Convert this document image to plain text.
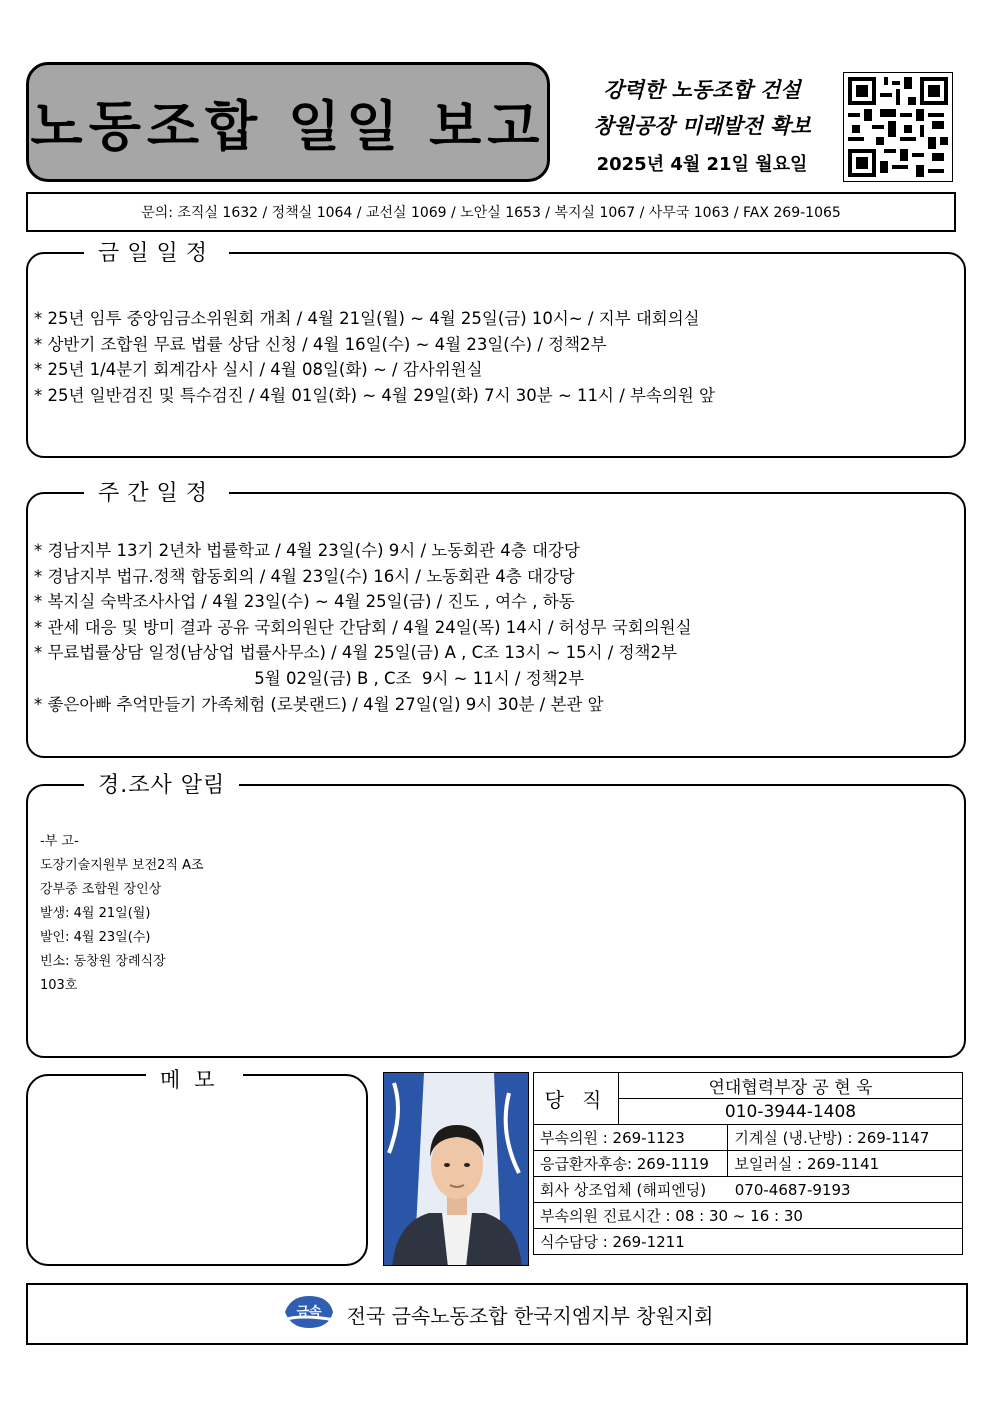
노동조합 일일 보고
강력한 노동조합 건설
창원공장 미래발전 확보
2025년 4월 21일 월요일
문의: 조직실 1632 / 정책실 1064 / 교선실 1069 / 노안실 1653 / 복지실 1067 / 사무국 1063 / FAX 269-1065
금일일정
* 25년 임투 중앙임금소위원회 개최 / 4월 21일(월) ~ 4월 25일(금) 10시~ / 지부 대회의실
* 상반기 조합원 무료 법률 상담 신청 / 4월 16일(수) ~ 4월 23일(수) / 정책2부
* 25년 1/4분기 회계감사 실시 / 4월 08일(화) ~ / 감사위원실
* 25년 일반검진 및 특수검진 / 4월 01일(화) ~ 4월 29일(화) 7시 30분 ~ 11시 / 부속의원 앞
주간일정
* 경남지부 13기 2년차 법률학교 / 4월 23일(수) 9시 / 노동회관 4층 대강당
* 경남지부 법규.정책 합동회의 / 4월 23일(수) 16시 / 노동회관 4층 대강당
* 복지실 숙박조사사업 / 4월 23일(수) ~ 4월 25일(금) / 진도 , 여수 , 하동
* 관세 대응 및 방미 결과 공유 국회의원단 간담회 / 4월 24일(목) 14시 / 허성무 국회의원실
* 무료법률상담 일정(남상업 법률사무소) / 4월 25일(금) A , C조 13시 ~ 15시 / 정책2부
5월 02일(금) B , C조  9시 ~ 11시 / 정책2부
* 좋은아빠 추억만들기 가족체험 (로봇랜드) / 4월 27일(일) 9시 30분 / 본관 앞
경.조사 알림
-부 고-
도장기술지원부 보전2직 A조
강부중 조합원 장인상
발생: 4월 21일(월)
발인: 4월 23일(수)
빈소: 동창원 장례식장
103호
메모
당 직	연대협력부장 공 현 욱	
	010-3944-1408	
부속의원 : 269-1123		기계실 (냉.난방) : 269-1147
응급환자후송: 269-1119		보일러실 : 269-1141
회사 상조업체 (해피엔딩)      070-4687-9193		
부속의원 진료시간 : 08 : 30 ~ 16 : 30		
식수담당 : 269-1211		
금속 전국 금속노동조합 한국지엠지부 창원지회
